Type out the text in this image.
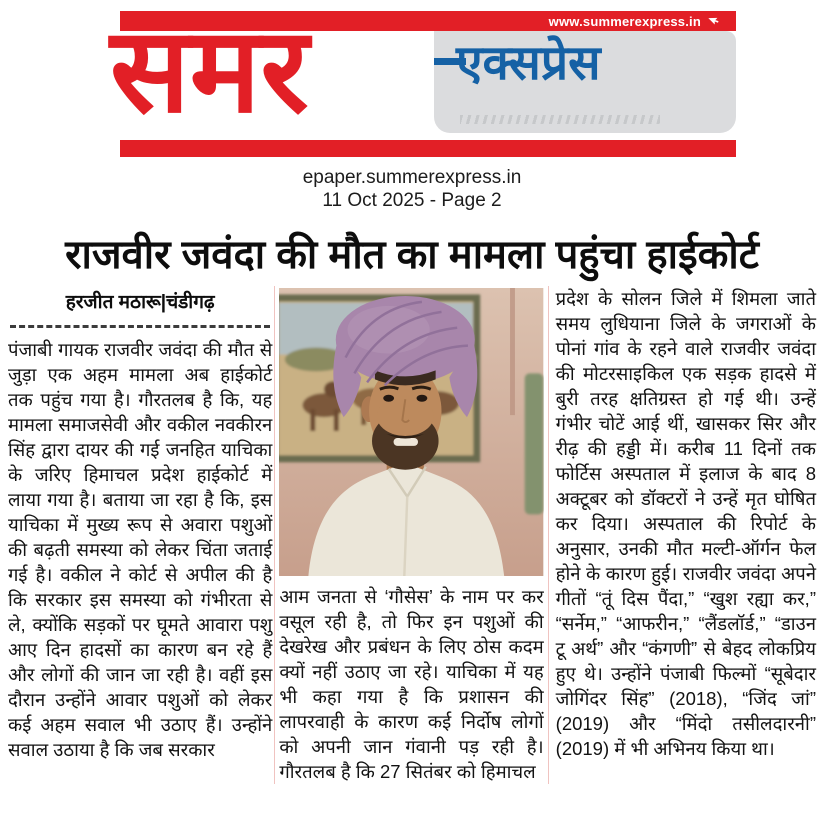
www.summerexpress.in
समर	एक्सप्रेस
epaper.summerexpress.in
11 Oct 2025 - Page 2
राजवीर जवंदा की मौत का मामला पहुंचा हाईकोर्ट
हरजीत मठारू|चंडीगढ़

पंजाबी गायक राजवीर जवंदा की मौत से जुड़ा एक अहम मामला अब हाईकोर्ट तक पहुंच गया है। गौरतलब है कि, यह मामला समाजसेवी और वकील नवकीरन सिंह द्वारा दायर की गई जनहित याचिका के जरिए हिमाचल प्रदेश हाईकोर्ट में लाया गया है। बताया जा रहा है कि, इस याचिका में मुख्य रूप से अवारा पशुओं की बढ़ती समस्या को लेकर चिंता जताई गई है। वकील ने कोर्ट से अपील की है कि सरकार इस समस्या को गंभीरता से ले, क्योंकि सड़कों पर घूमते आवारा पशु आए दिन हादसों का कारण बन रहे हैं और लोगों की जान जा रही है। वहीं इस दौरान उन्होंने आवार पशुओं को लेकर कई अहम सवाल भी उठाए हैं। उन्होंने सवाल उठाया है कि जब सरकार

आम जनता से ‘गौसेस’ के नाम पर कर वसूल रही है, तो फिर इन पशुओं की देखरेख और प्रबंधन के लिए ठोस कदम क्यों नहीं उठाए जा रहे। याचिका में यह भी कहा गया है कि प्रशासन की लापरवाही के कारण कई निर्दोष लोगों को अपनी जान गंवानी पड़ रही है। गौरतलब है कि 27 सितंबर को हिमाचल

प्रदेश के सोलन जिले में शिमला जाते समय लुधियाना जिले के जगराओं के पोनां गांव के रहने वाले राजवीर जवंदा की मोटरसाइकिल एक सड़क हादसे में बुरी तरह क्षतिग्रस्त हो गई थी। उन्हें गंभीर चोटें आई थीं, खासकर सिर और रीढ़ की हड्डी में। करीब 11 दिनों तक फोर्टिस अस्पताल में इलाज के बाद 8 अक्टूबर को डॉक्टरों ने उन्हें मृत घोषित कर दिया। अस्पताल की रिपोर्ट के अनुसार, उनकी मौत मल्टी-ऑर्गन फेल होने के कारण हुई। राजवीर जवंदा अपने गीतों “तूं दिस पैंदा,” “खुश रह्या कर,” “सर्नेम,” “आफरीन,” “लैंडलॉर्ड,” “डाउन टू अर्थ” और “कंगणी” से बेहद लोकप्रिय हुए थे। उन्होंने पंजाबी फिल्मों “सूबेदार जोगिंदर सिंह” (2018), “जिंद जां” (2019) और “मिंदो तसीलदारनी” (2019) में भी अभिनय किया था।
